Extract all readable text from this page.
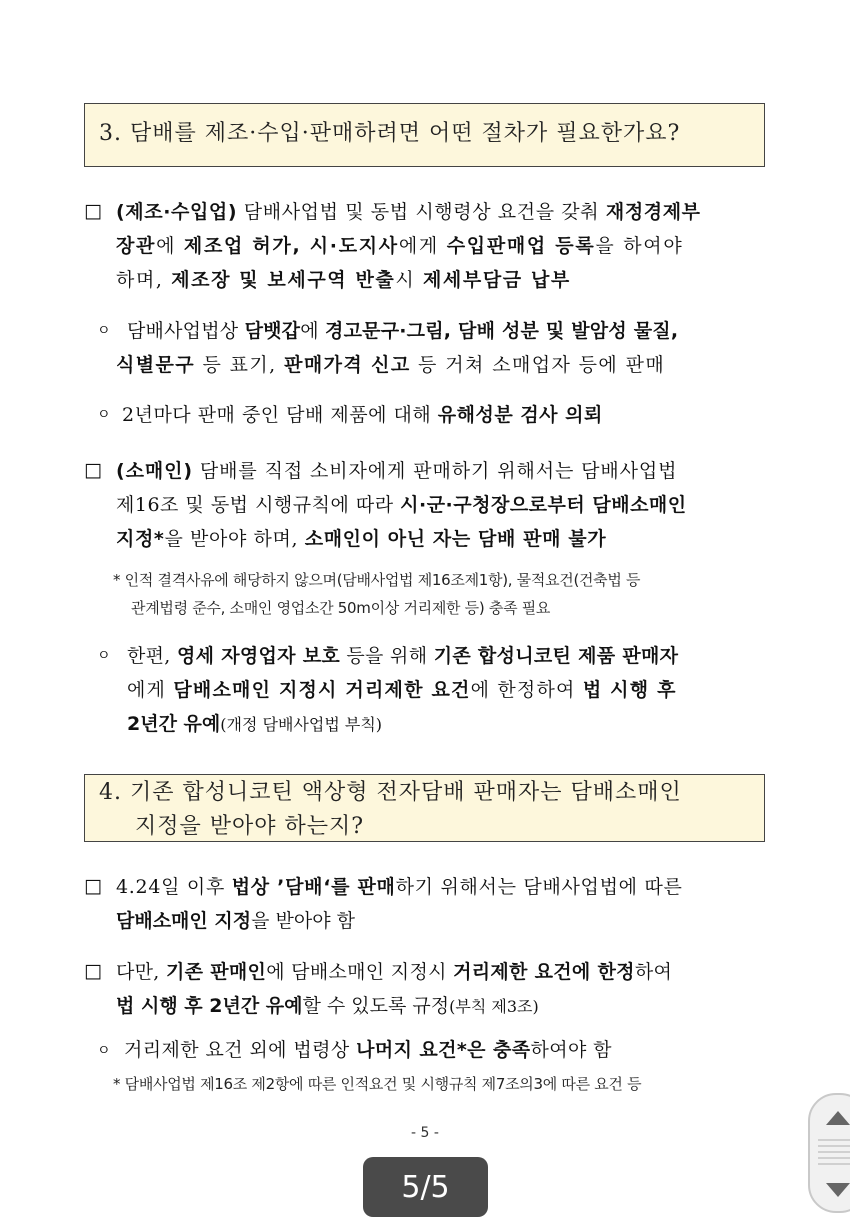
3. 담배를 제조·수입·판매하려면 어떤 절차가 필요한가요?
□ (제조·수입업) 담배사업법 및 동법 시행령상 요건을 갖춰 재정경제부
장관에 제조업 허가, 시·도지사에게 수입판매업 등록을 하여야
하며, 제조장 및 보세구역 반출시 제세부담금 납부
ㅇ 담배사업법상 담뱃갑에 경고문구·그림, 담배 성분 및 발암성 물질,
식별문구 등 표기, 판매가격 신고 등 거쳐 소매업자 등에 판매
ㅇ 2년마다 판매 중인 담배 제품에 대해 유해성분 검사 의뢰
□ (소매인) 담배를 직접 소비자에게 판매하기 위해서는 담배사업법
제16조 및 동법 시행규칙에 따라 시·군·구청장으로부터 담배소매인
지정*을 받아야 하며, 소매인이 아닌 자는 담배 판매 불가
* 인적 결격사유에 해당하지 않으며(담배사업법 제16조제1항), 물적요건(건축법 등
관계법령 준수, 소매인 영업소간 50m이상 거리제한 등) 충족 필요
ㅇ 한편, 영세 자영업자 보호 등을 위해 기존 합성니코틴 제품 판매자
에게 담배소매인 지정시 거리제한 요건에 한정하여 법 시행 후
2년간 유예(개정 담배사업법 부칙)
4. 기존 합성니코틴 액상형 전자담배 판매자는 담배소매인
지정을 받아야 하는지?
□ 4.24일 이후 법상 ’담배‘를 판매하기 위해서는 담배사업법에 따른
담배소매인 지정을 받아야 함
□ 다만, 기존 판매인에 담배소매인 지정시 거리제한 요건에 한정하여
법 시행 후 2년간 유예할 수 있도록 규정(부칙 제3조)
ㅇ 거리제한 요건 외에 법령상 나머지 요건*은 충족하여야 함
* 담배사업법 제16조 제2항에 따른 인적요건 및 시행규칙 제7조의3에 따른 요건 등
- 5 -
5/5
